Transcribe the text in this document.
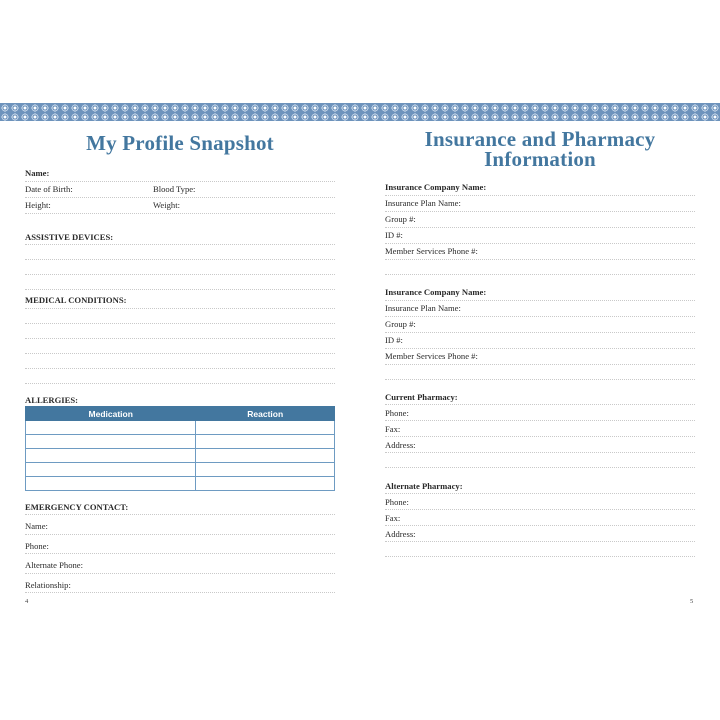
My Profile Snapshot
Name:
Date of Birth:	Blood Type:
Height:	Weight:
ASSISTIVE DEVICES:
MEDICAL CONDITIONS:
ALLERGIES:
Medication	Reaction

EMERGENCY CONTACT:
Name:
Phone:
Alternate Phone:
Relationship:
4
Insurance and Pharmacy
Information
Insurance Company Name:
Insurance Plan Name:
Group #:
ID #:
Member Services Phone #:
Insurance Company Name:
Insurance Plan Name:
Group #:
ID #:
Member Services Phone #:
Current Pharmacy:
Phone:
Fax:
Address:
Alternate Pharmacy:
Phone:
Fax:
Address:
5
